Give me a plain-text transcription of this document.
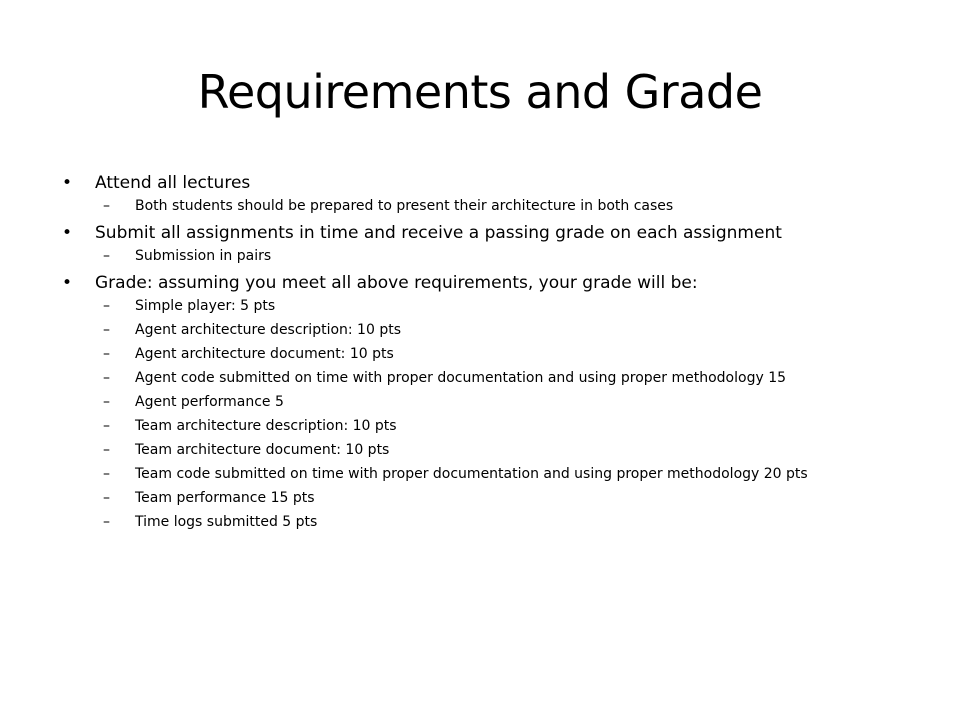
Requirements and Grade
• Attend all lectures
– Both students should be prepared to present their architecture in both cases
• Submit all assignments in time and receive a passing grade on each assignment
– Submission in pairs
• Grade: assuming you meet all above requirements, your grade will be:
– Simple player: 5 pts
– Agent architecture description: 10 pts
– Agent architecture document: 10 pts
– Agent code submitted on time with proper documentation and using proper methodology 15
– Agent performance 5
– Team architecture description: 10 pts
– Team architecture document: 10 pts
– Team code submitted on time with proper documentation and using proper methodology 20 pts
– Team performance 15 pts
– Time logs submitted 5 pts
